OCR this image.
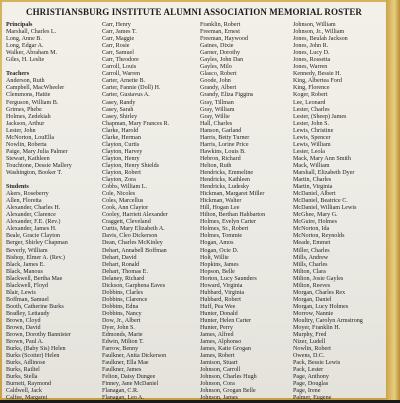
CHRISTIANSBURG INSTITUTE ALUMNI ASSOCIATION MEMORIAL ROSTER
Principals
Marshall, Charles L.
Long, Anne B.
Long, Edgar A.
Walker, Abraham M.
Giles, H. Leslie
Teachers
Anderson, Ruth
Campbell, MacWheeler
Clemmons, Hattie
Ferguson, William B.
Grimes, Phebe
Holmes, Zedekiah
Jackson, Arthur
Lester, John
McNorton, LouElla
Nowlin, Roberta
Paige, Mary Julia Palmer
Stewart, Kathleen
Touchtone, Dessie Mallery
Washington, Booker T.
Students
Akers, Roseberry
Allen, Floretta
Alexander, Charles H.
Alexander, Clarence
Alexander, F.E. (Rev.)
Alexander, James H.
Beale, Gracie Clayton
Berger, Shirley Chapman
Beverly, William
Bishop, Elmer A. (Rev.)
Black, James E.
Black, Manous
Blackwell, Bertha Mae
Blackwell, Floyd
Blair, Lewis
Boffman, Samuel
Booth, Catherine Burks
Bradley, Lettaudy
Brown, Cloyd
Brown, David
Brown, Dorothy Bannister
Brown, Paul A.
Burks, (Baby Sis) Helen
Burks (Scotter) Helen
Burks, Adlinose
Burks, Railtel
Burks, Stella
Burnett, Raymond
Caldwell, Jack
Calfee, Margaret
Carr, Henry
Carr, James T.
Carr, Maggie
Carr, Rosie
Carr, Samuel
Carr, Theodore
Carroll, Louis
Carroll, Warren
Carter, Arnette B.
Carter, Fannie (Doll) H.
Carter, Gustavus A.
Casey, Randy
Casey, Sarah
Casey, Shirley
Chapman, Mary Frances R.
Clarke, Harold
Clarke, Herman
Clayton, Curtis
Clayton, Harvey
Clayton, Henry
Clayton, Henry Shields
Clayton, Robert
Clayton, Zora
Cobbs, William L.
Cole, Nicoles
Coles, Marcellus
Cook, Ann Claytor
Cooley, Harriett Alexander
Craggett, Cleveland
Curtis, Mary Elizabeth A.
Davis, Cleo Dickerson
Dean, Charles McKinley
Dehart, Annabell Boffman
Dehart, David
Dehart, Ronald
Dehart, Thomas E.
Delaney, Richard
Dickson, Garphena Eaves
Dobbins, Clarles
Dobbins, Clarence
Dobbins, Edna
Dobbins, Nancy
Dow, Jr., Albert
Dyer, John S.
Edmonds, Marie
Edwin, Milton T.
Farrow, Benny
Faulkner, Anita Dickerson
Faulkner, Ella Mae
Faulkner, James
Felton, Daisy Dungee
Finney, Jane McDaniel
Flanagan, C.R.
Flanagan, Leo A.
Franklin, Robert
Freeman, Ernest
Freeman, Haywood
Gaines, Dixie
Garner, Dorothy
Gayles, John Dan
Gayles, Milo
Glasco, Robert
Goode, John
Grandy, Albert
Grandy, Eliza Figgins
Gray, Tillman
Gray, William
Gray, Willie
Hall, Charles
Hanson, Garland
Harris, Betty Turner
Harris, Lorine Price
Hawkins, Louis B.
Hebron, Richard
Helton, Ruth
Hendricks, Emmeline
Hendricks, Kathleen
Hendricks, Ludesky
Hickman, Margaret Miller
Hickman, Walter
Hill, Hogan Lee
Hilton, Berthan Hahbarton
Holmes, Evelyn Carter
Holmes, Sr., Robert
Holmes, Tommie
Hogan, Amos
Hogan, Ocie D.
Holt, Willie
Hopkins, James
Hopson, Belle
Horton, Lucy Saunders
Howard, Virginia
Hubbard, Virginia
Hubbard, Robert
Huff, Pea Wee
Hunter, Donald
Hunter, Helen Carter
Hunter, Perry
James, Alfred
James, Alphonso
James, Katie Grogan
James, Robert
Jamison, Stuart
Johnson, Carroll
Johnson, Charles Hugh
Johnson, Cora
Johnson, Grogan Belle
Johnson, James
Johnson, William
Johnson, Jr., William
Jones, Beulah Jackson
Jones, John R.
Jones, Lucy D.
Jones, Rossetta
Jones, Warren
Kennedy, Bessie H.
King, Albertea Ford
King, Florence
Koger, Robert
Lee, Leonard
Lester, Charles
Lester, (Sheep) James
Lester, John S.
Lewis, Christine
Lewis, Spencer
Lewis, William
Lester, Leola
Mack, Mary Ann Smith
Mack, William
Marshall, Elizabeth Dyer
Martin, Charles
Martin, Virginia
McDaniel, Albert
McDaniel, Beatrice C.
McDaniel, William Lewis
McGhee, Mary G.
McGuire, Holmes
McNorton, Ida
McNorton, Reynolds
Meade, Emmet
Miller, Charles
Mills, Andrew
Mills, Charles
Milton, Clara
Milton, Josie Gayles
Milton, Reeves
Morgan, Charles Rex
Morgan, Daniel
Morgan, Lucy Holmes
Morrow, Nannie
Moultry, Carolyn Armstrong
Moyer, Franklin H.
Murphy, Fred
Nizer, Ludell
Nowlin, Robert
Owens, D.C.
Pack, Bessie Lewis
Pack, Lester
Page, Anthony
Page, Douglas
Page, Irene
Palmer, Eugene
